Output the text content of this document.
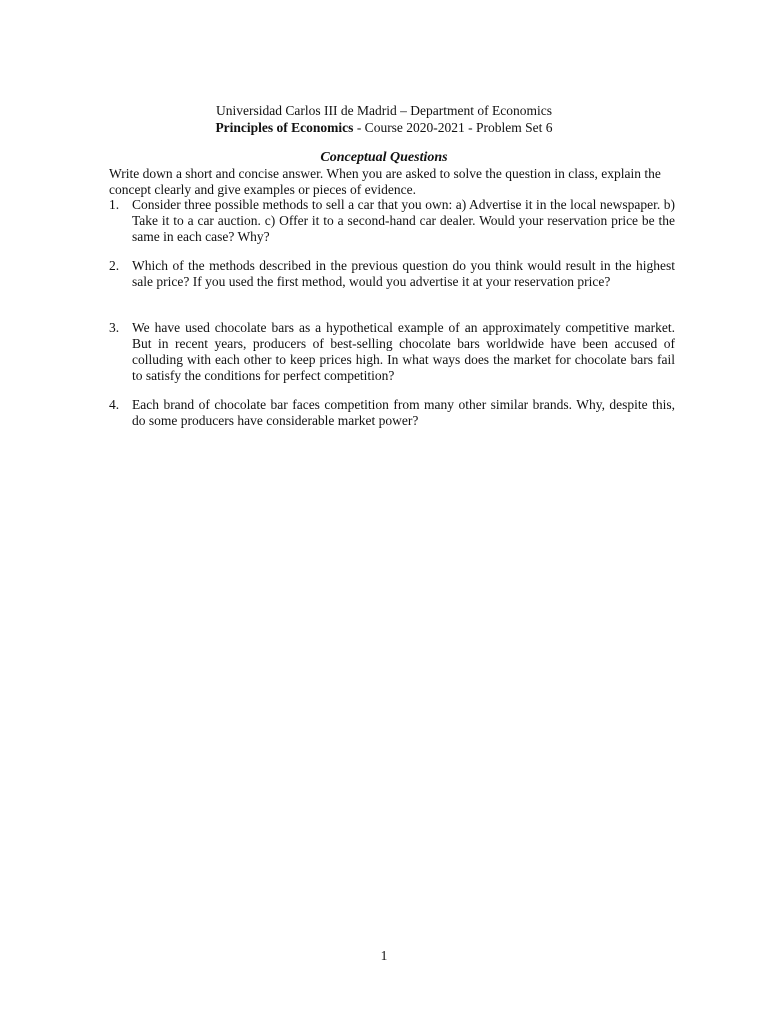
Universidad Carlos III de Madrid – Department of Economics
Principles of Economics - Course 2020-2021 - Problem Set 6
Conceptual Questions
Write down a short and concise answer. When you are asked to solve the question in class, explain the concept clearly and give examples or pieces of evidence.
1. Consider three possible methods to sell a car that you own: a) Advertise it in the local newspaper. b) Take it to a car auction. c) Offer it to a second-hand car dealer. Would your reservation price be the same in each case? Why?
2. Which of the methods described in the previous question do you think would result in the highest sale price? If you used the first method, would you advertise it at your reservation price?
3. We have used chocolate bars as a hypothetical example of an approximately competitive market. But in recent years, producers of best-selling chocolate bars worldwide have been accused of colluding with each other to keep prices high. In what ways does the market for chocolate bars fail to satisfy the conditions for perfect competition?
4. Each brand of chocolate bar faces competition from many other similar brands. Why, despite this, do some producers have considerable market power?
1
